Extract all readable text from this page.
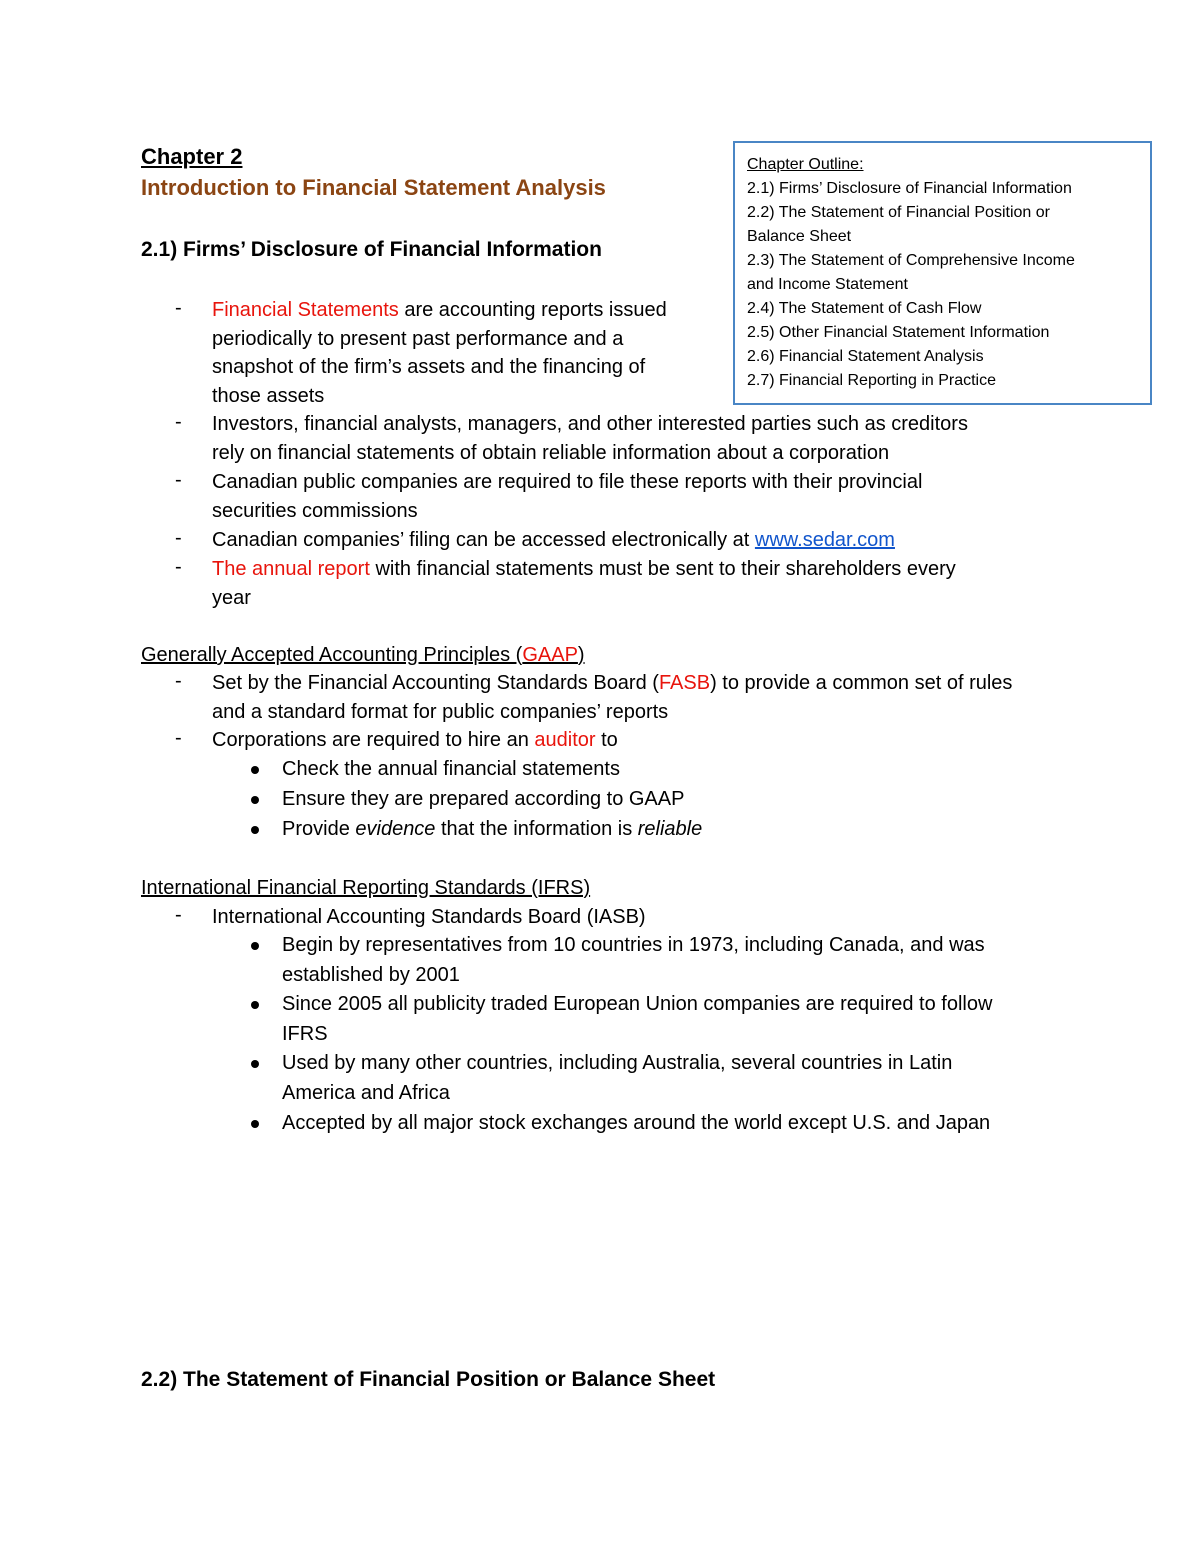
Chapter 2
Introduction to Financial Statement Analysis
2.1) Firms’ Disclosure of Financial Information
- Financial Statements are accounting reports issued
periodically to present past performance and a
snapshot of the firm’s assets and the financing of
those assets
- Investors, financial analysts, managers, and other interested parties such as creditors
rely on financial statements of obtain reliable information about a corporation
- Canadian public companies are required to file these reports with their provincial
securities commissions
- Canadian companies’ filing can be accessed electronically at www.sedar.com
- The annual report with financial statements must be sent to their shareholders every
year
Generally Accepted Accounting Principles (GAAP)
- Set by the Financial Accounting Standards Board (FASB) to provide a common set of rules
and a standard format for public companies’ reports
- Corporations are required to hire an auditor to
Check the annual financial statements
Ensure they are prepared according to GAAP
Provide evidence that the information is reliable
International Financial Reporting Standards (IFRS)
- International Accounting Standards Board (IASB)
Begin by representatives from 10 countries in 1973, including Canada, and was
established by 2001
Since 2005 all publicity traded European Union companies are required to follow
IFRS
Used by many other countries, including Australia, several countries in Latin
America and Africa
Accepted by all major stock exchanges around the world except U.S. and Japan
2.2) The Statement of Financial Position or Balance Sheet
Chapter Outline:
2.1) Firms’ Disclosure of Financial Information
2.2) The Statement of Financial Position or
Balance Sheet
2.3) The Statement of Comprehensive Income
and Income Statement
2.4) The Statement of Cash Flow
2.5) Other Financial Statement Information
2.6) Financial Statement Analysis
2.7) Financial Reporting in Practice
